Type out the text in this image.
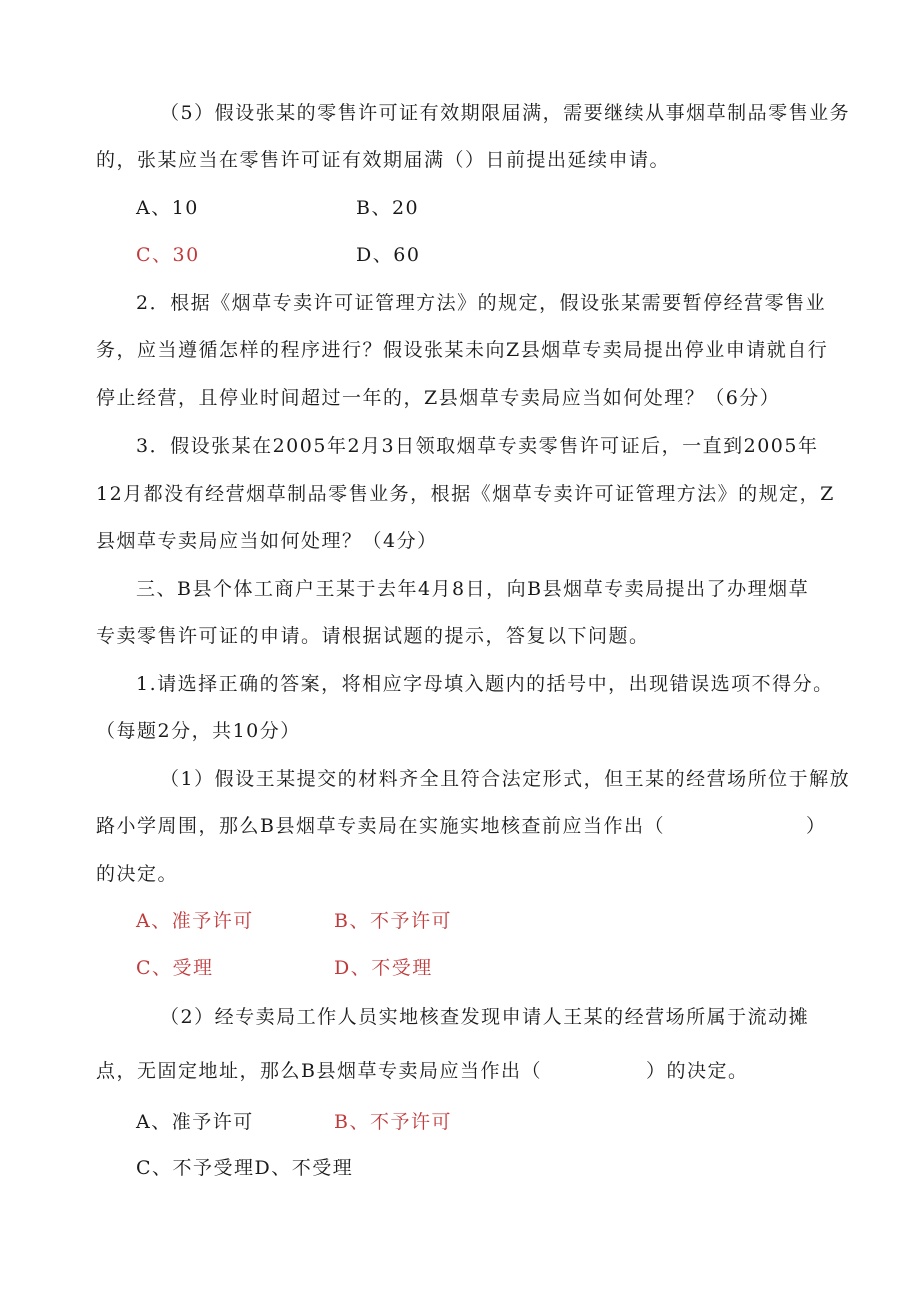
（5）假设张某的零售许可证有效期限届满，需要继续从事烟草制品零售业务
的，张某应当在零售许可证有效期届满（）日前提出延续申请。
A、10	B、20
C、30	D、60
2．根据《烟草专卖许可证管理方法》的规定，假设张某需要暂停经营零售业
务，应当遵循怎样的程序进行？假设张某未向Z县烟草专卖局提出停业申请就自行
停止经营，且停业时间超过一年的，Z县烟草专卖局应当如何处理？（6分）
3．假设张某在2005年2月3日领取烟草专卖零售许可证后，一直到2005年
12月都没有经营烟草制品零售业务，根据《烟草专卖许可证管理方法》的规定，Z
县烟草专卖局应当如何处理？（4分）
三、B县个体工商户王某于去年4月8日，向B县烟草专卖局提出了办理烟草
专卖零售许可证的申请。请根据试题的提示，答复以下问题。
1.请选择正确的答案，将相应字母填入题内的括号中，出现错误选项不得分。
（每题2分，共10分）
（1）假设王某提交的材料齐全且符合法定形式，但王某的经营场所位于解放
路小学周围，那么B县烟草专卖局在实施实地核查前应当作出（	）
的决定。
A、准予许可	B、不予许可
C、受理	D、不受理
（2）经专卖局工作人员实地核查发现申请人王某的经营场所属于流动摊
点，无固定地址，那么B县烟草专卖局应当作出（	）的决定。
A、准予许可	B、不予许可
C、不予受理D、不受理
